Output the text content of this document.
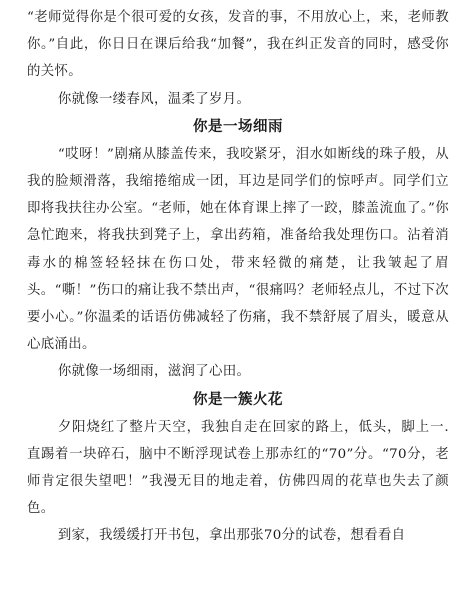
“老师觉得你是个很可爱的女孩，发音的事，不用放心上，来，老师教你。”自此，你日日在课后给我“加餐”，我在纠正发音的同时，感受你的关怀。

你就像一缕春风，温柔了岁月。

你是一场细雨

“哎呀！”剧痛从膝盖传来，我咬紧牙，泪水如断线的珠子般，从我的脸颊滑落，我缩捲缩成一团，耳边是同学们的惊呼声。同学们立即将我扶往办公室。“老师，她在体育课上摔了一跤，膝盖流血了。”你急忙跑来，将我扶到凳子上，拿出药箱，准备给我处理伤口。沾着消毒水的棉签轻轻抹在伤口处，带来轻微的痛楚，让我皱起了眉头。“嘶！”伤口的痛让我不禁出声，“很痛吗？老师轻点儿，不过下次要小心。”你温柔的话语仿佛减轻了伤痛，我不禁舒展了眉头，暖意从心底涌出。

你就像一场细雨，滋润了心田。

你是一簇火花

夕阳烧红了整片天空，我独自走在回家的路上，低头，脚上一. 直踢着一块碎石，脑中不断浮现试卷上那赤红的“70”分。“70分，老师肯定很失望吧！”我漫无目的地走着，仿佛四周的花草也失去了颜色。

到家，我缓缓打开书包，拿出那张70分的试卷，想看看自
